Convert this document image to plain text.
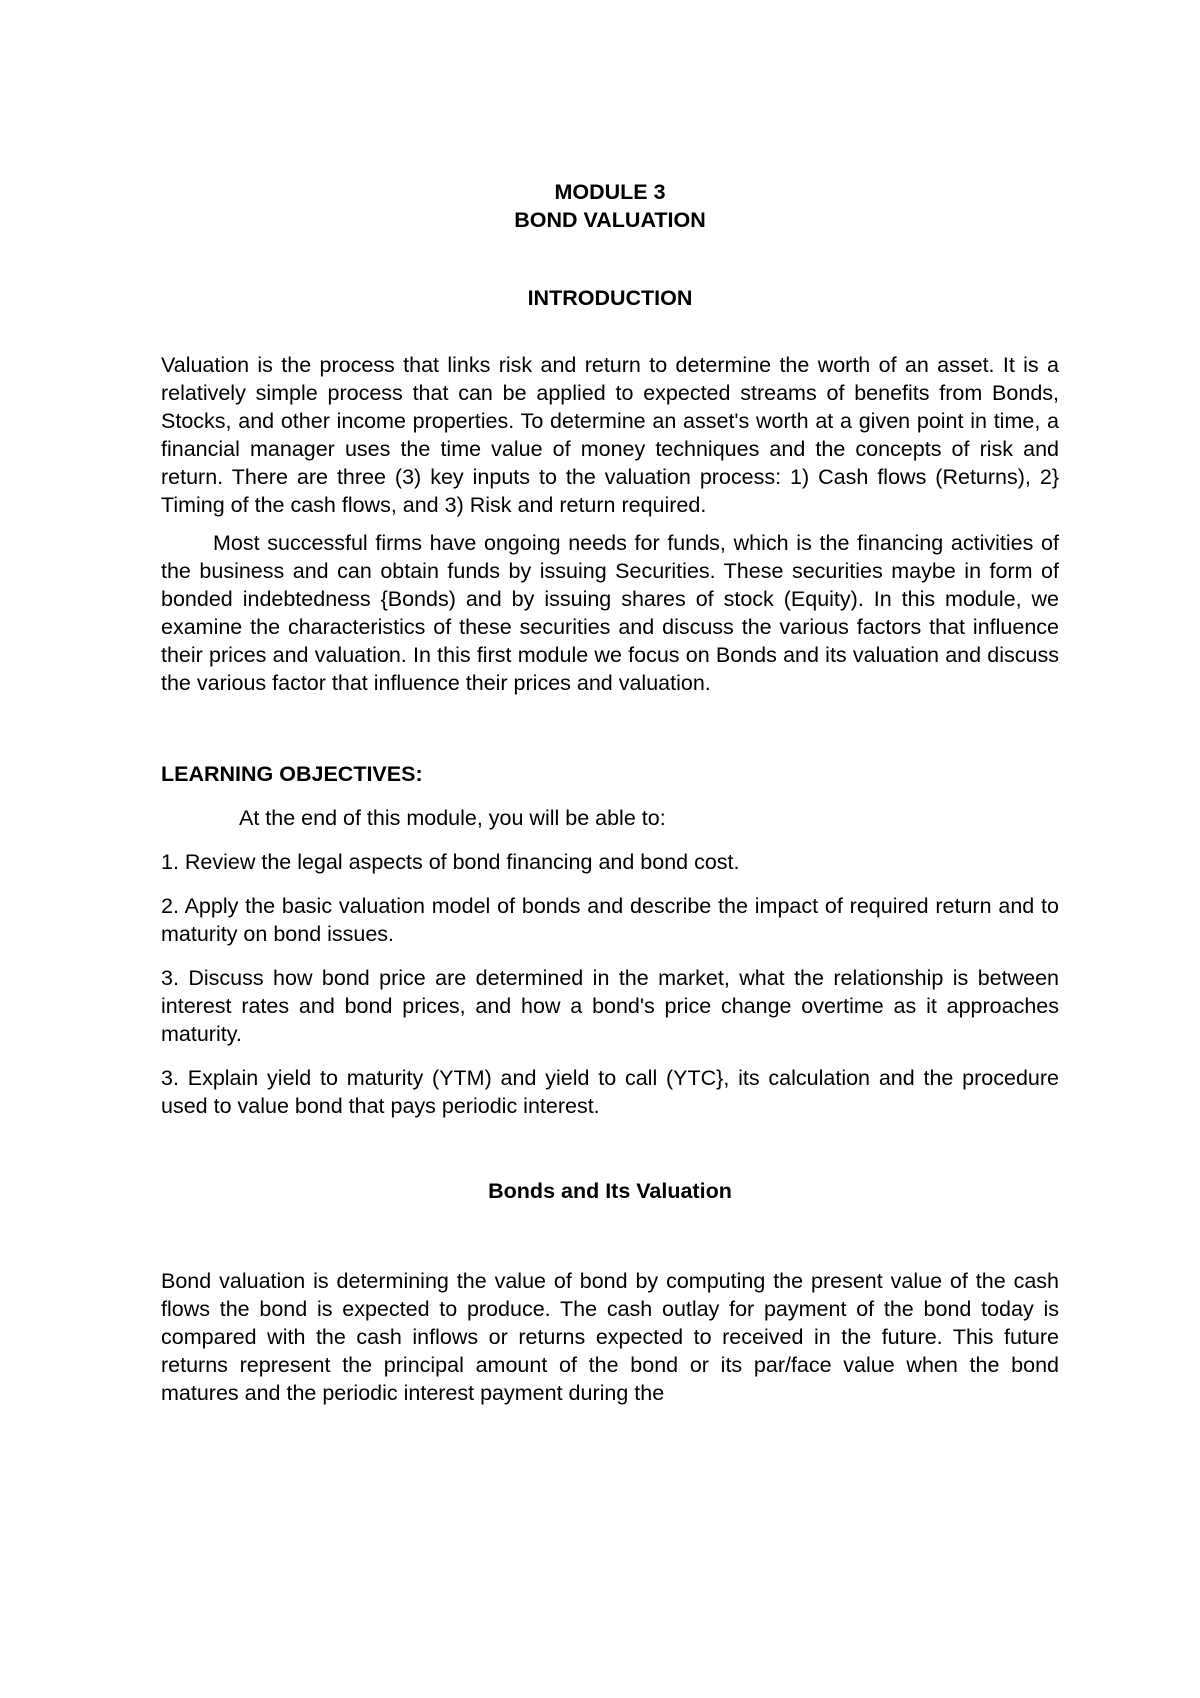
MODULE 3

BOND VALUATION

INTRODUCTION

Valuation is the process that links risk and return to determine the worth of an asset. It is a relatively simple process that can be applied to expected streams of benefits from Bonds, Stocks, and other income properties. To determine an asset's worth at a given point in time, a financial manager uses the time value of money techniques and the concepts of risk and return. There are three (3) key inputs to the valuation process: 1) Cash flows (Returns), 2} Timing of the cash flows, and 3) Risk and return required.

Most successful firms have ongoing needs for funds, which is the financing activities of the business and can obtain funds by issuing Securities. These securities maybe in form of bonded indebtedness {Bonds) and by issuing shares of stock (Equity). In this module, we examine the characteristics of these securities and discuss the various factors that influence their prices and valuation. In this first module we focus on Bonds and its valuation and discuss the various factor that influence their prices and valuation.

LEARNING OBJECTIVES:

At the end of this module, you will be able to:

1. Review the legal aspects of bond financing and bond cost.

2. Apply the basic valuation model of bonds and describe the impact of required return and to maturity on bond issues.

3. Discuss how bond price are determined in the market, what the relationship is between interest rates and bond prices, and how a bond's price change overtime as it approaches maturity.

3. Explain yield to maturity (YTM) and yield to call (YTC}, its calculation and the procedure used to value bond that pays periodic interest.

Bonds and Its Valuation

Bond valuation is determining the value of bond by computing the present value of the cash flows the bond is expected to produce. The cash outlay for payment of the bond today is compared with the cash inflows or returns expected to received in the future. This future returns represent the principal amount of the bond or its par/face value when the bond matures and the periodic interest payment during the
